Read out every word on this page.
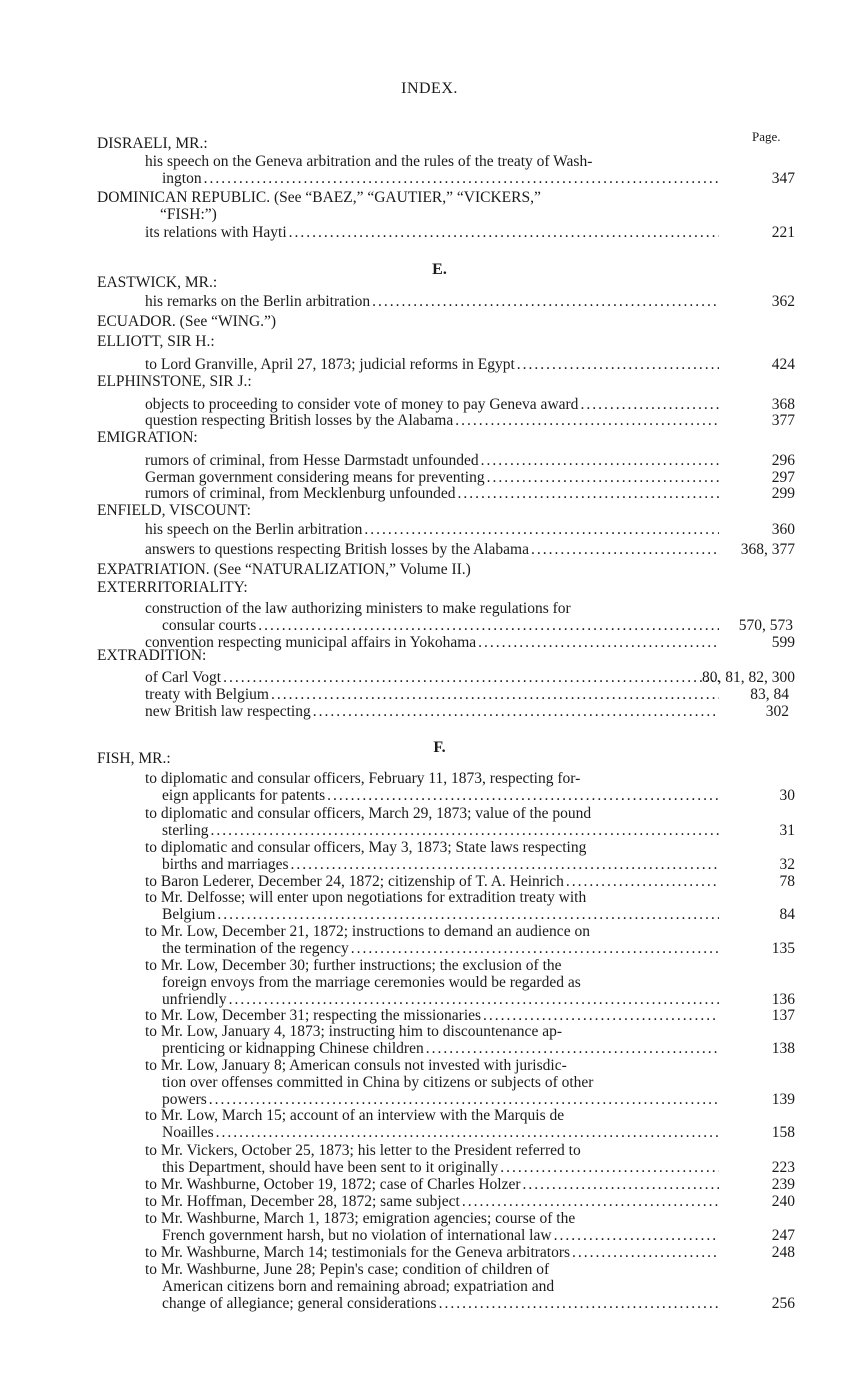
INDEX.
Page.
DISRAELI, MR.:
his speech on the Geneva arbitration and the rules of the treaty of Wash-
ington .....	347
DOMINICAN REPUBLIC. (See “BAEZ,” “GAUTIER,” “VICKERS,”
“FISH:”)
its relations with Hayti .....	221
E.
EASTWICK, MR.:
his remarks on the Berlin arbitration .....	362
ECUADOR. (See “WING.”)
ELLIOTT, SIR H.:
to Lord Granville, April 27, 1873; judicial reforms in Egypt .....	424
ELPHINSTONE, SIR J.:
objects to proceeding to consider vote of money to pay Geneva award .....	368
question respecting British losses by the Alabama .....	377
EMIGRATION:
rumors of criminal, from Hesse Darmstadt unfounded .....	296
German government considering means for preventing .....	297
rumors of criminal, from Mecklenburg unfounded .....	299
ENFIELD, VISCOUNT:
his speech on the Berlin arbitration .....	360
answers to questions respecting British losses by the Alabama .....	368, 377
EXPATRIATION. (See “NATURALIZATION,” Volume II.)
EXTERRITORIALITY:
construction of the law authorizing ministers to make regulations for
consular courts .....	570, 573
convention respecting municipal affairs in Yokohama .....	599
EXTRADITION:
of Carl Vogt .....	80, 81, 82, 300
treaty with Belgium .....	83, 84
new British law respecting .....	302
F.
FISH, MR.:
to diplomatic and consular officers, February 11, 1873, respecting for-
eign applicants for patents .....	30
to diplomatic and consular officers, March 29, 1873; value of the pound
sterling .....	31
to diplomatic and consular officers, May 3, 1873; State laws respecting
births and marriages .....	32
to Baron Lederer, December 24, 1872; citizenship of T. A. Heinrich .....	78
to Mr. Delfosse; will enter upon negotiations for extradition treaty with
Belgium .....	84
to Mr. Low, December 21, 1872; instructions to demand an audience on
the termination of the regency .....	135
to Mr. Low, December 30; further instructions; the exclusion of the
foreign envoys from the marriage ceremonies would be regarded as
unfriendly .....	136
to Mr. Low, December 31; respecting the missionaries .....	137
to Mr. Low, January 4, 1873; instructing him to discountenance ap-
prenticing or kidnapping Chinese children .....	138
to Mr. Low, January 8; American consuls not invested with jurisdic-
tion over offenses committed in China by citizens or subjects of other
powers .....	139
to Mr. Low, March 15; account of an interview with the Marquis de
Noailles .....	158
to Mr. Vickers, October 25, 1873; his letter to the President referred to
this Department, should have been sent to it originally .....	223
to Mr. Washburne, October 19, 1872; case of Charles Holzer .....	239
to Mr. Hoffman, December 28, 1872; same subject .....	240
to Mr. Washburne, March 1, 1873; emigration agencies; course of the
French government harsh, but no violation of international law .....	247
to Mr. Washburne, March 14; testimonials for the Geneva arbitrators .....	248
to Mr. Washburne, June 28; Pepin's case; condition of children of
American citizens born and remaining abroad; expatriation and
change of allegiance; general considerations .....	256
